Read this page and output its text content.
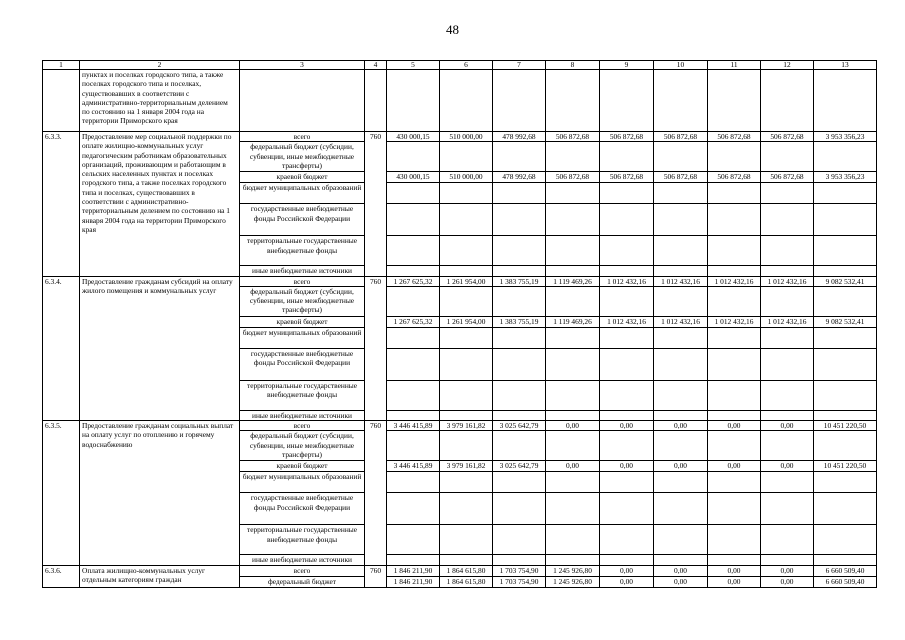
48
1	2	3	4	5	6	7	8	9	10	11	12	13
	пунктах и поселках городского типа, а также поселках городского типа и поселках, существовавших в соответствии с административно-территориальным делением по состоянию на 1 января 2004 года на территории Приморского края											
6.3.3.	Предоставление мер социальной поддержки по оплате жилищно-коммунальных услуг педагогическим работникам образовательных организаций, проживающим и работающим в сельских населенных пунктах и поселках городского типа, а также поселках городского типа и поселках, существовавших в соответствии с административно-территориальным делением по состоянию на 1 января 2004 года на территории Приморского края	всего	760	430 000,15	510 000,00	478 992,68	506 872,68	506 872,68	506 872,68	506 872,68	506 872,68	3 953 356,23
		федеральный бюджет (субсидии, субвенции, иные межбюджетные трансферты)										
		краевой бюджет		430 000,15	510 000,00	478 992,68	506 872,68	506 872,68	506 872,68	506 872,68	506 872,68	3 953 356,23
		бюджет муниципальных образований										
		государственные внебюджетные фонды Российской Федерации										
		территориальные государственные внебюджетные фонды										
		иные внебюджетные источники										
6.3.4.	Предоставление гражданам субсидий на оплату жилого помещения и коммунальных услуг	всего	760	1 267 625,32	1 261 954,00	1 383 755,19	1 119 469,26	1 012 432,16	1 012 432,16	1 012 432,16	1 012 432,16	9 082 532,41
		федеральный бюджет (субсидии, субвенции, иные межбюджетные трансферты)										
		краевой бюджет		1 267 625,32	1 261 954,00	1 383 755,19	1 119 469,26	1 012 432,16	1 012 432,16	1 012 432,16	1 012 432,16	9 082 532,41
		бюджет муниципальных образований										
		государственные внебюджетные фонды Российской Федерации										
		территориальные государственные внебюджетные фонды										
		иные внебюджетные источники										
6.3.5.	Предоставление гражданам социальных выплат на оплату услуг по отоплению и горячему водоснабжению	всего	760	3 446 415,89	3 979 161,82	3 025 642,79	0,00	0,00	0,00	0,00	0,00	10 451 220,50
		федеральный бюджет (субсидии, субвенции, иные межбюджетные трансферты)										
		краевой бюджет		3 446 415,89	3 979 161,82	3 025 642,79	0,00	0,00	0,00	0,00	0,00	10 451 220,50
		бюджет муниципальных образований										
		государственные внебюджетные фонды Российской Федерации										
		территориальные государственные внебюджетные фонды										
		иные внебюджетные источники										
6.3.6.	Оплата жилищно-коммунальных услуг отдельным категориям граждан	всего	760	1 846 211,90	1 864 615,80	1 703 754,90	1 245 926,80	0,00	0,00	0,00	0,00	6 660 509,40
		федеральный бюджет		1 846 211,90	1 864 615,80	1 703 754,90	1 245 926,80	0,00	0,00	0,00	0,00	6 660 509,40
